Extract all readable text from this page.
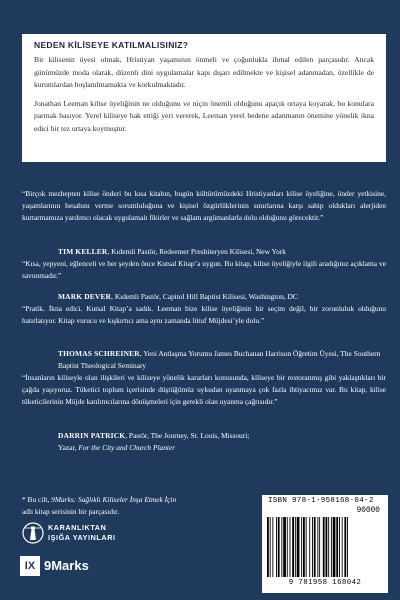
NEDEN KİLİSEYE KATILMALISINIZ?

Bir kilisenin üyesi olmak, Hristiyan yaşamının önmeli ve çoğunlukla ihmal edilen parçasıdır. Ancak günümüzde moda olarak, düzenli dini uygulamalar kapı dışarı edilmekte ve kişisel adanmadan, özellikle de kurumlardan hoşlanılmamakta ve korkulmaktadır.

Jonathan Leeman kilise üyeliğinin ne olduğunu ve niçin önemli olduğunu apaçık ortaya koyarak, bu konulara parmak basıyor. Yerel kiliseye hak ettiği yeri vererek, Leeman yerel bedene adanmanın önemine yönelik ikna edici bir tez ortaya koymuştur.

“Birçok mezhepten kilise önderi bu kısa kitabın, bugün kültürümüzdeki Hristiyanları kilise üyeliğine, önder yetkisine, yaşamlarının hesabını verme sorumluluğuna ve kişisel özgürlüklerinin sınırlarına karşı sahip oldukları alerjiden kurtarmamıza yardımcı olacak uygulamalı fikirler ve sağlam argümanlarla dolu olduğunu görecektir.”

TIM KELLER, Kıdemli Pastör, Redeemer Presbiteryen Kilisesi, New York

“Kısa, yepyeni, eğlenceli ve her şeyden önce Kutsal Kitap’a uygun. Bu kitap, kilise üyeliğiyle ilgili aradığınız açıklama ve savunmadır.”

MARK DEVER, Kıdemli Pastör, Capitol Hill Baptist Kilisesi, Washington, DC

“Pratik. İkna edici. Kutsal Kitap’a sadık. Leeman bize kilise üyeliğinin bir seçim değil, bir zorunluluk olduğunu hatırlatıyor. Kitap vurucu ve kışkırtıcı ama aynı zamanda lütuf Müjdesi’yle dolu.”

THOMAS SCHREINER, Yeni Antlaşma Yorumu James Buchanan Harrison Öğretim Üyesi, The Southern Baptist Theological Seminary

“İnsanların kiliseyle olan ilişkileri ve kiliseye yönelik kararları konusunda, kiliseye bir restoranmış gibi yaklaştıkları bir çağda yaşıyoruz. Tüketici toplum içerisinde düştüğümüz uykudan uyanmaya çok fazla ihtiyacımız var. Bu kitap, kilise tüketicilerinin Müjde katılımcılarına dönüşmeleri için gerekli olan uyanma çağrısıdır.”

DARRIN PATRICK, Pastör, The Journey, St. Louis, Missouri;
Yazar, For the City and Church Planter

* Bu cilt, 9Marks: Sağlıklı Kiliseler İnşa Etmek İçin
adlı kitap serisinin bir parçasıdır.

KARANLIKTAN
IŞIĞA YAYINLARI
IX 9Marks
ISBN 978-1-958168-04-2
90000
9 781958 168042
